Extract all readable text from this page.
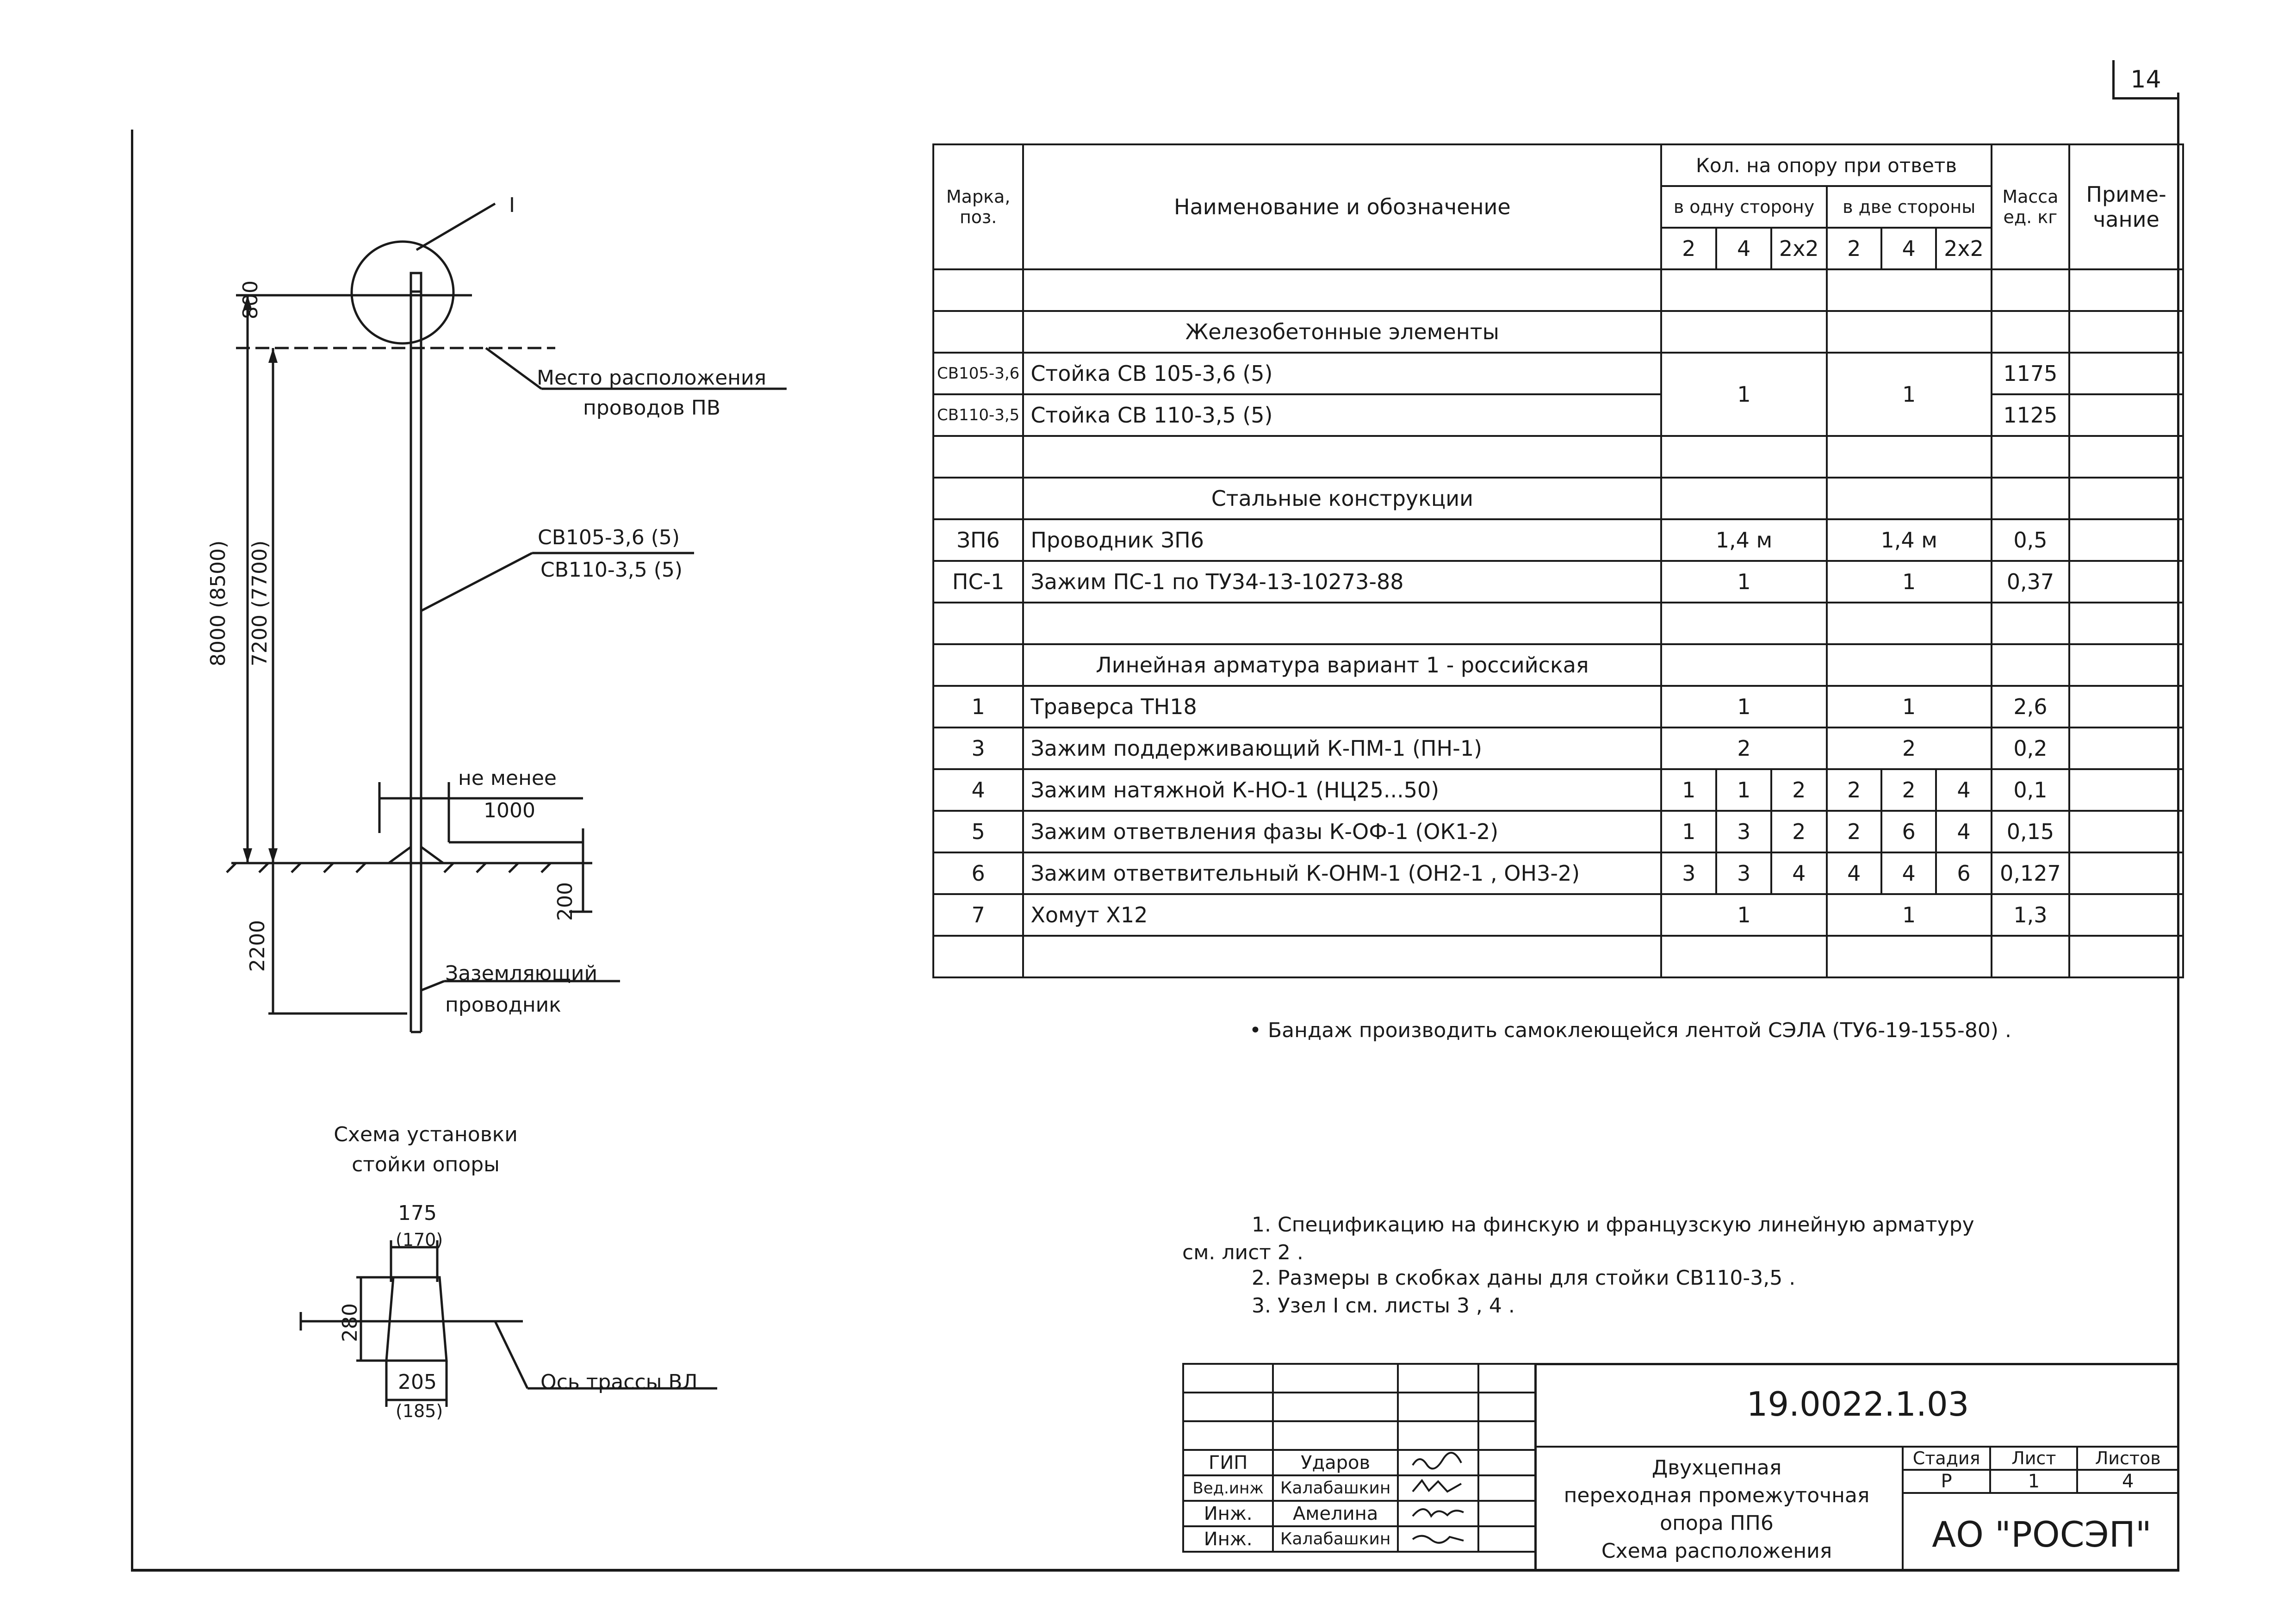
14
I
Место расположения
проводов ПВ
СВ105-3,6 (5)
СВ110-3,5 (5)
не менее
1000
Заземляющий
проводник
800
8000 (8500) 7200 (7700)
2200
200
Схема установки
стойки опоры
175
(170)
280
205
(185)
Ось трассы ВЛ
Марка, поз.	Наименование и обозначение	Кол. на опору при ответв						Масса ед. кг	Приме- чание
		в одну сторону			в две стороны				
		2	4	2х2	2	4	2х2		

	Железобетонные элементы								
СВ105-3,6	Стойка СВ 105-3,6 (5)	1			1			1175	
СВ110-3,5	Стойка СВ 110-3,5 (5)							1125	

	Стальные конструкции								
ЗП6	Проводник ЗП6	1,4 м			1,4 м			0,5	
ПС-1	Зажим ПС-1 по ТУ34-13-10273-88	1			1			0,37	

	Линейная арматура вариант 1 - российская								
1	Траверса ТН18	1			1			2,6	
3	Зажим поддерживающий К-ПМ-1 (ПН-1)	2			2			0,2	
4	Зажим натяжной К-НО-1 (НЦ25...50)	1	1	2	2	2	4	0,1	
5	Зажим ответвления фазы К-ОФ-1 (ОК1-2)	1	3	2	2	6	4	0,15	
6	Зажим ответвительный К-ОНМ-1 (ОН2-1 , ОН3-2)	3	3	4	4	4	6	0,127	
7	Хомут Х12	1			1			1,3	

• Бандаж производить самоклеющейся лентой СЭЛА (ТУ6-19-155-80) .
1. Спецификацию на финскую и французскую линейную арматуру
см. лист 2 .
2. Размеры в скобках даны для стойки СВ110-3,5 .
3. Узел I см. листы 3 , 4 .

ГИП	Ударов		
Вед.инж	Калабашкин		
Инж.	Амелина		
Инж.	Калабашкин		
19.0022.1.03
Двухцепная
переходная промежуточная
опора ПП6
Схема расположения
Стадия	Лист	Листов
Р	1	4
АО "РОСЭП"
